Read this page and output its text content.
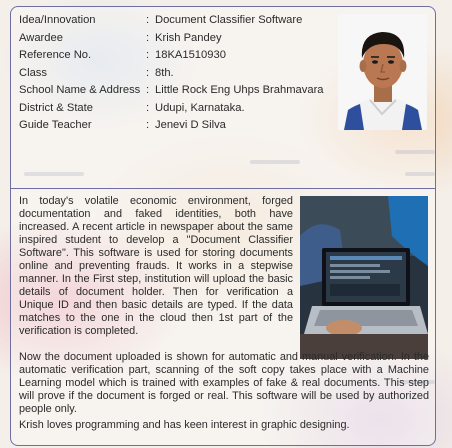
Idea/Innovation	: Document Classifier Software
Awardee	: Krish Pandey
Reference No.	: 18KA1510930
Class	: 8th.
School Name & Address : Little Rock Eng Uhps Brahmavara
District & State	: Udupi, Karnataka.
Guide Teacher	: Jenevi D Silva

In today's volatile economic environment, forged documentation and faked identities, both have increased. A recent article in newspaper about the same inspired student to develop a "Document Classifier Software". This software is used for storing documents online and preventing frauds. It works in a stepwise manner. In the First step, institution will upload the basic details of document holder. Then for verification a Unique ID and then basic details are typed. If the data matches to the one in the cloud then 1st part of the verification is completed.

Now the document uploaded is shown for automatic and manual verification. In the automatic verification part, scanning of the soft copy takes place with a Machine Learning model which is trained with examples of fake & real documents. This step will prove if the document is forged or real. This software will be used by authorized people only.

Krish loves programming and has keen interest in graphic designing.
